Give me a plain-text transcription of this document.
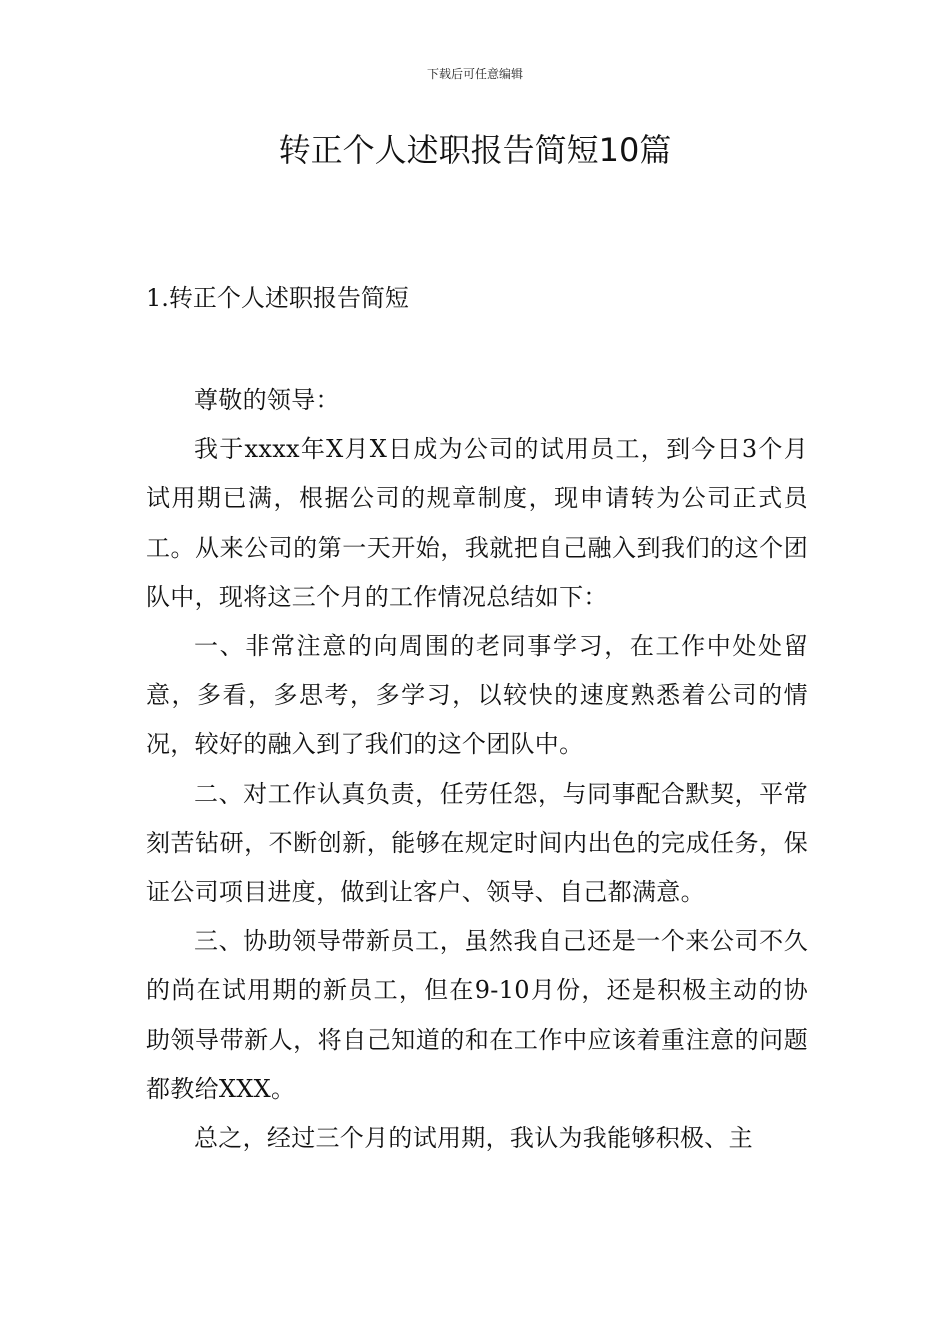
下载后可任意编辑
转正个人述职报告简短10篇
1.转正个人述职报告简短

尊敬的领导：

我于xxxx年X月X日成为公司的试用员工，到今日3个月试用期已满，根据公司的规章制度，现申请转为公司正式员工。从来公司的第一天开始，我就把自己融入到我们的这个团队中，现将这三个月的工作情况总结如下：

一、非常注意的向周围的老同事学习，在工作中处处留意，多看，多思考，多学习，以较快的速度熟悉着公司的情况，较好的融入到了我们的这个团队中。

二、对工作认真负责，任劳任怨，与同事配合默契，平常刻苦钻研，不断创新，能够在规定时间内出色的完成任务，保证公司项目进度，做到让客户、领导、自己都满意。

三、协助领导带新员工，虽然我自己还是一个来公司不久的尚在试用期的新员工，但在9-10月份，还是积极主动的协助领导带新人，将自己知道的和在工作中应该着重注意的问题都教给XXX。

总之，经过三个月的试用期，我认为我能够积极、主
